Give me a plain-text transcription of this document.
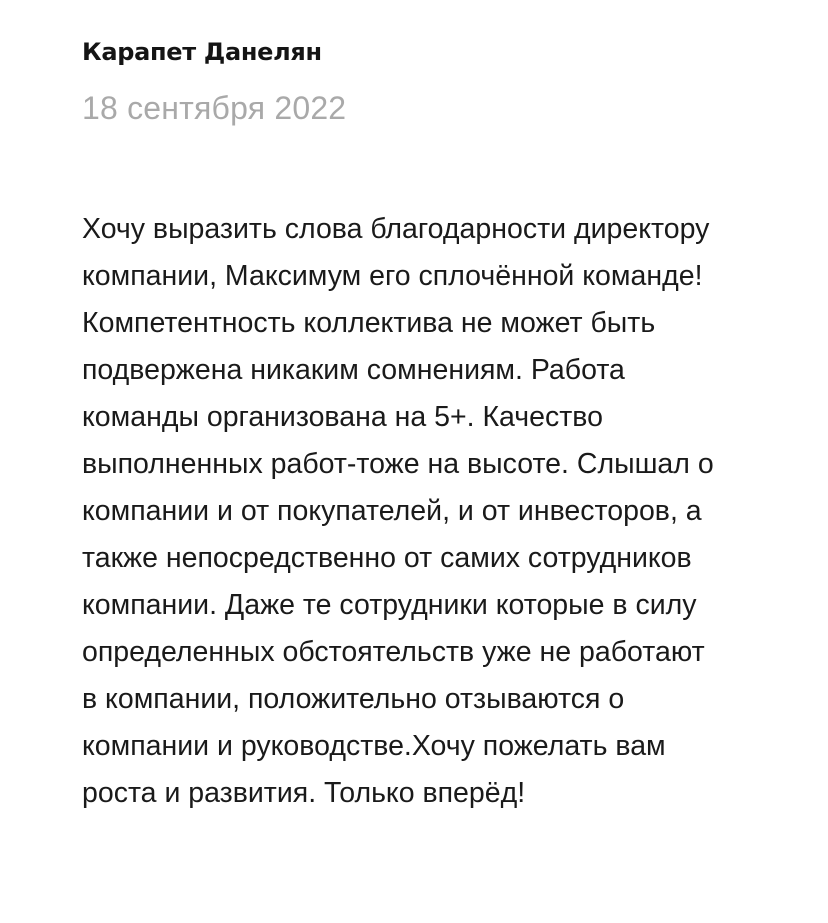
Карапет Данелян
18 сентября 2022
Хочу выразить слова благодарности директору
компании, Максимум его сплочённой команде!
Компетентность коллектива не может быть
подвержена никаким сомнениям. Работа
команды организована на 5+. Качество
выполненных работ-тоже на высоте. Слышал о
компании и от покупателей, и от инвесторов, а
также непосредственно от самих сотрудников
компании. Даже те сотрудники которые в силу
определенных обстоятельств уже не работают
в компании, положительно отзываются о
компании и руководстве.Хочу пожелать вам
роста и развития. Только вперёд!
